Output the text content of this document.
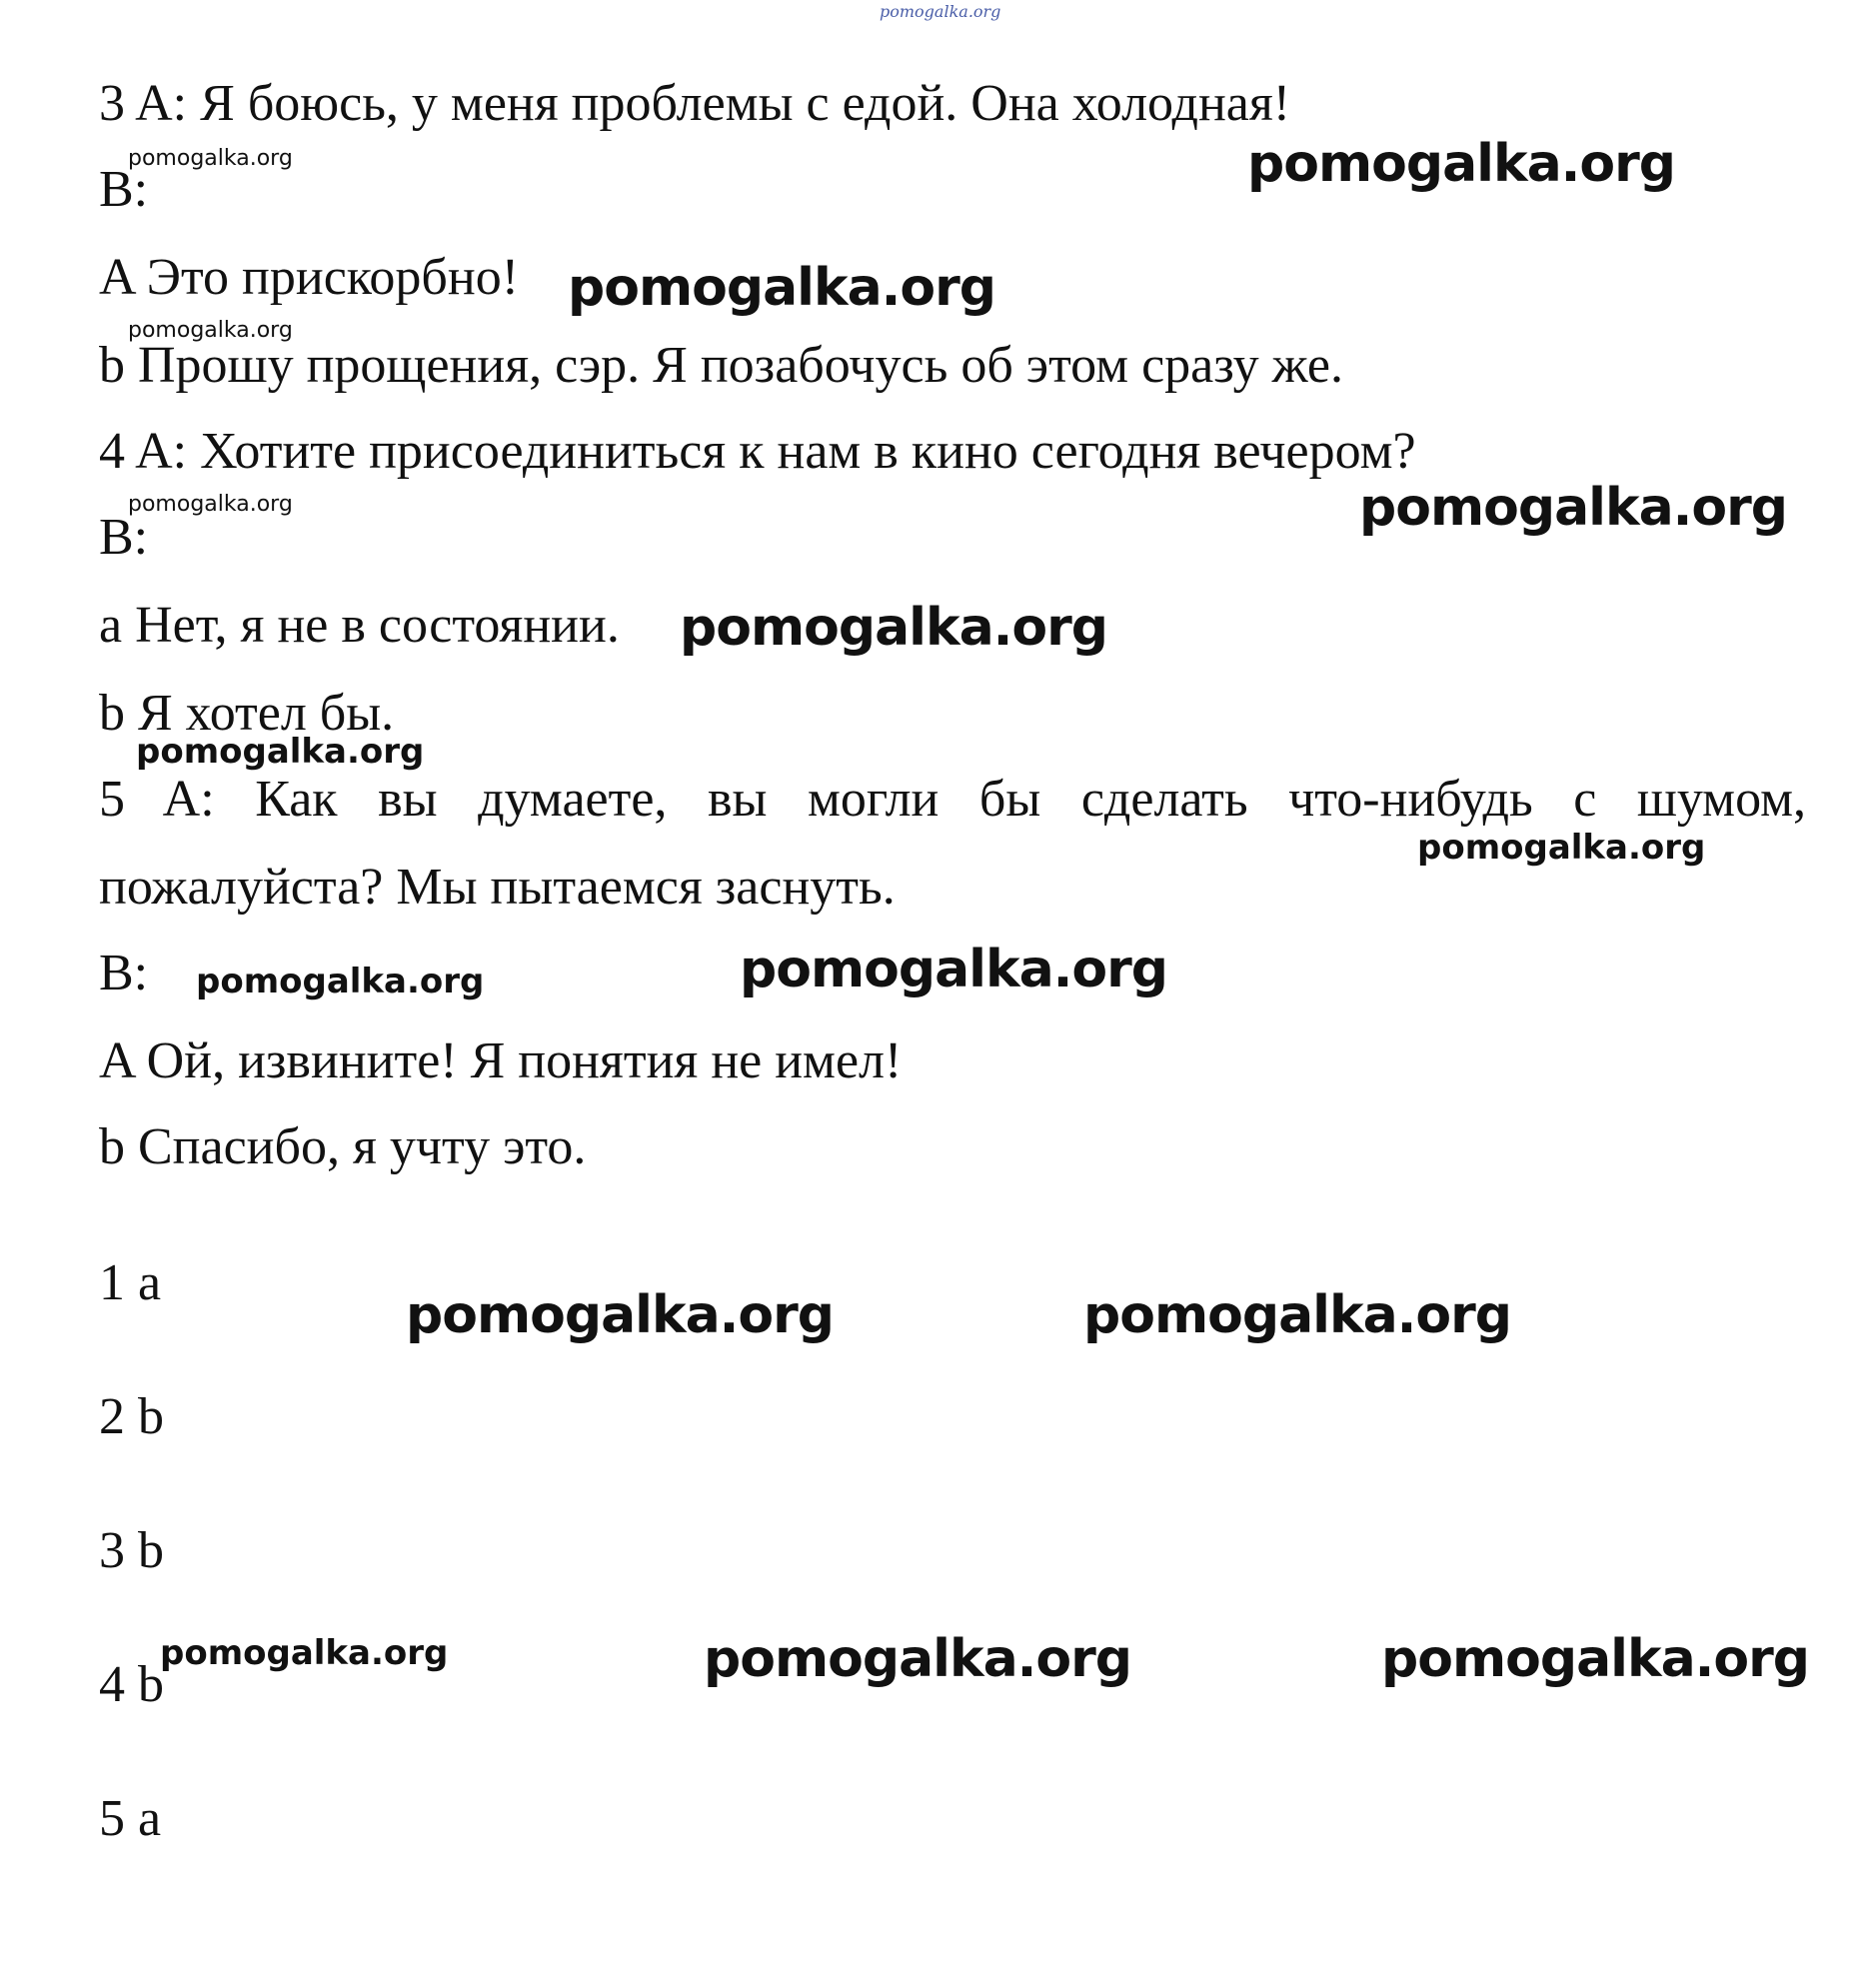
pomogalka.org

3 A: Я боюсь, у меня проблемы с едой. Она холодная!

B:

A Это прискорбно!

b Прошу прощения, сэр. Я позабочусь об этом сразу же.

4 A: Хотите присоединиться к нам в кино сегодня вечером?

B:

a Нет, я не в состоянии.

b Я хотел бы.

5 A: Как вы думаете, вы могли бы сделать что-нибудь с шумом,

пожалуйста? Мы пытаемся заснуть.

B:

A Ой, извините! Я понятия не имел!

b Спасибо, я учту это.

1 a

2 b

3 b

4 b

5 a

pomogalka.org	pomogalka.org

pomogalka.org

pomogalka.org

pomogalka.org	pomogalka.org

pomogalka.org

pomogalka.org

pomogalka.org

pomogalka.org	pomogalka.org

pomogalka.org	pomogalka.org

pomogalka.org	pomogalka.org	pomogalka.org
